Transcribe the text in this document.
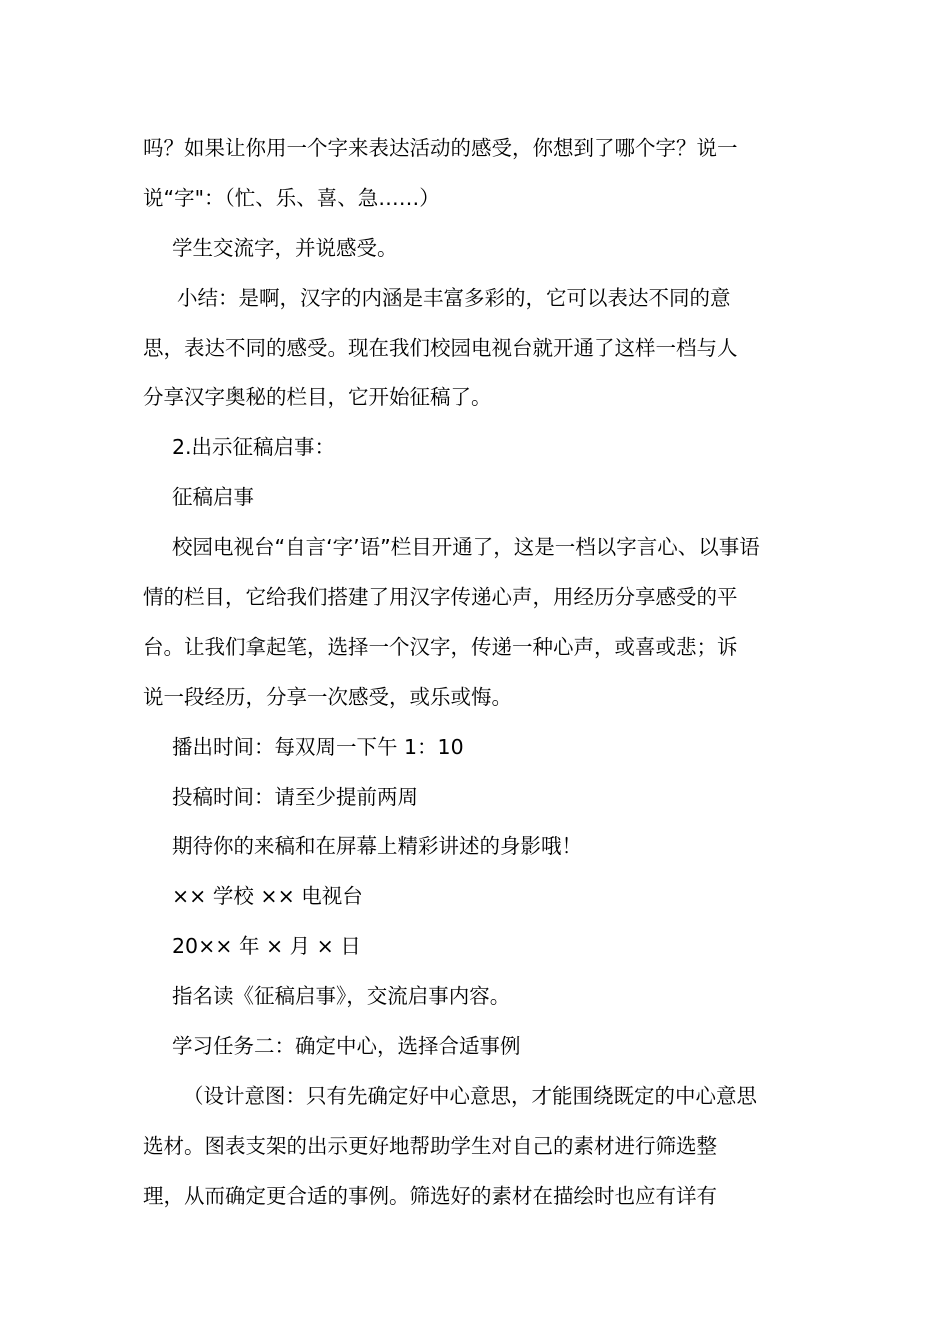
吗？如果让你用一个字来表达活动的感受，你想到了哪个字？说一
说“字"：（忙、乐、喜、急……）
学生交流字，并说感受。
小结：是啊，汉字的内涵是丰富多彩的，它可以表达不同的意
思，表达不同的感受。现在我们校园电视台就开通了这样一档与人
分享汉字奥秘的栏目，它开始征稿了。
2.出示征稿启事：
征稿启事
校园电视台“自言‘字’语”栏目开通了，这是一档以字言心、以事语
情的栏目，它给我们搭建了用汉字传递心声，用经历分享感受的平
台。让我们拿起笔，选择一个汉字，传递一种心声，或喜或悲；诉
说一段经历，分享一次感受，或乐或悔。
播出时间：每双周一下午 1：10
投稿时间：请至少提前两周
期待你的来稿和在屏幕上精彩讲述的身影哦！
×× 学校 ×× 电视台
20×× 年 × 月 × 日
指名读《征稿启事》，交流启事内容。
学习任务二：确定中心，选择合适事例
（设计意图：只有先确定好中心意思，才能围绕既定的中心意思
选材。图表支架的出示更好地帮助学生对自己的素材进行筛选整
理，从而确定更合适的事例。筛选好的素材在描绘时也应有详有
